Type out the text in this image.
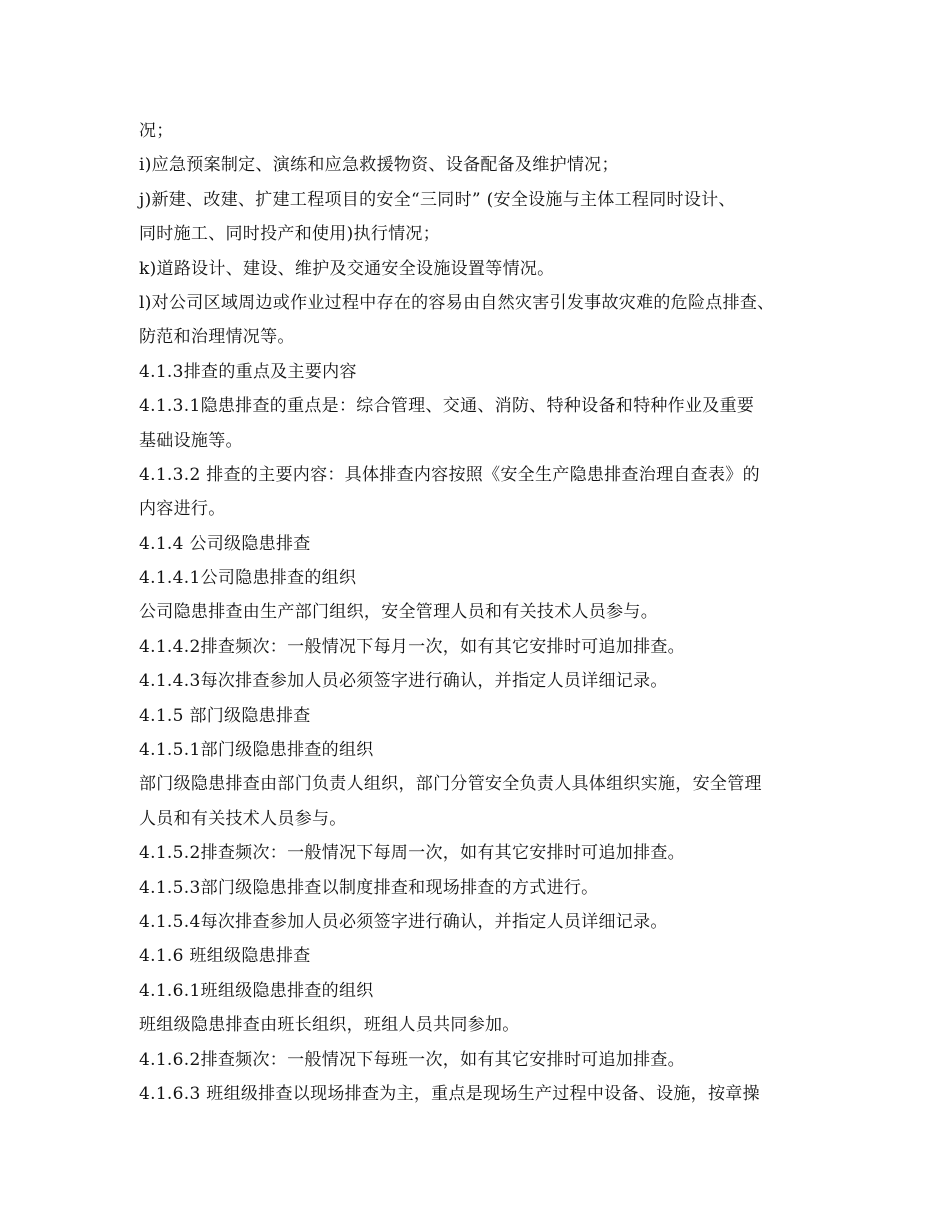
况；
i)应急预案制定、演练和应急救援物资、设备配备及维护情况；
j)新建、改建、扩建工程项目的安全“三同时” (安全设施与主体工程同时设计、
同时施工、同时投产和使用)执行情况；
k)道路设计、建设、维护及交通安全设施设置等情况。
l)对公司区域周边或作业过程中存在的容易由自然灾害引发事故灾难的危险点排查、
防范和治理情况等。
4.1.3排查的重点及主要内容
4.1.3.1隐患排查的重点是：综合管理、交通、消防、特种设备和特种作业及重要
基础设施等。
4.1.3.2 排查的主要内容：具体排查内容按照《安全生产隐患排查治理自查表》的
内容进行。
4.1.4 公司级隐患排查
4.1.4.1公司隐患排查的组织
公司隐患排查由生产部门组织，安全管理人员和有关技术人员参与。
4.1.4.2排查频次：一般情况下每月一次，如有其它安排时可追加排查。
4.1.4.3每次排查参加人员必须签字进行确认，并指定人员详细记录。
4.1.5 部门级隐患排查
4.1.5.1部门级隐患排查的组织
部门级隐患排查由部门负责人组织，部门分管安全负责人具体组织实施，安全管理
人员和有关技术人员参与。
4.1.5.2排查频次：一般情况下每周一次，如有其它安排时可追加排查。
4.1.5.3部门级隐患排查以制度排查和现场排查的方式进行。
4.1.5.4每次排查参加人员必须签字进行确认，并指定人员详细记录。
4.1.6 班组级隐患排查
4.1.6.1班组级隐患排查的组织
班组级隐患排查由班长组织，班组人员共同参加。
4.1.6.2排查频次：一般情况下每班一次，如有其它安排时可追加排查。
4.1.6.3 班组级排查以现场排查为主，重点是现场生产过程中设备、设施，按章操
